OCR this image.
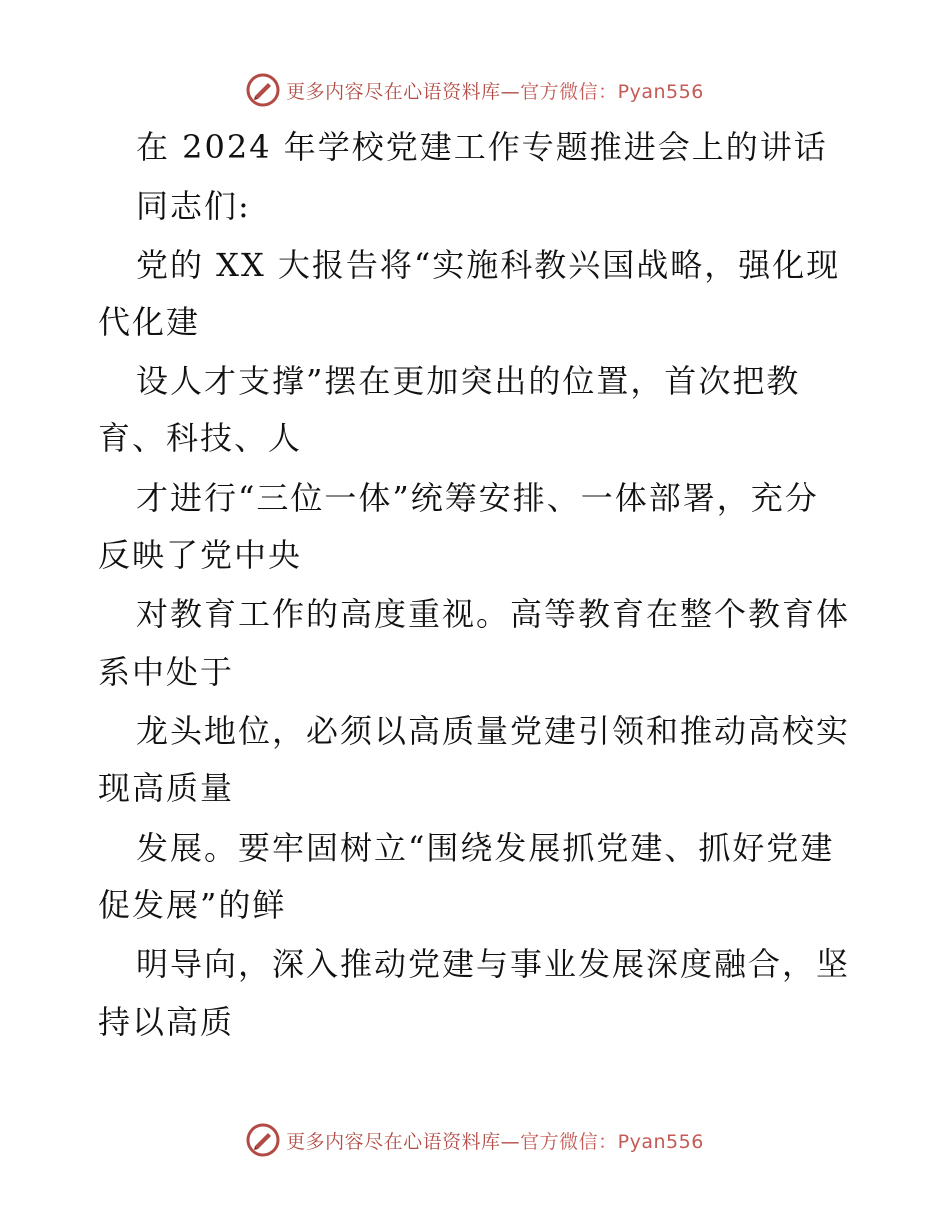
更多内容尽在心语资料库—官方微信：Pyan556
在 2024 年学校党建工作专题推进会上的讲话
同志们:
党的 XX 大报告将“实施科教兴国战略，强化现
代化建
设人才支撑”摆在更加突出的位置，首次把教
育、科技、人
才进行“三位一体”统筹安排、一体部署，充分
反映了党中央
对教育工作的高度重视。高等教育在整个教育体
系中处于
龙头地位，必须以高质量党建引领和推动高校实
现高质量
发展。要牢固树立“围绕发展抓党建、抓好党建
促发展”的鲜
明导向，深入推动党建与事业发展深度融合，坚
持以高质
更多内容尽在心语资料库—官方微信：Pyan556
